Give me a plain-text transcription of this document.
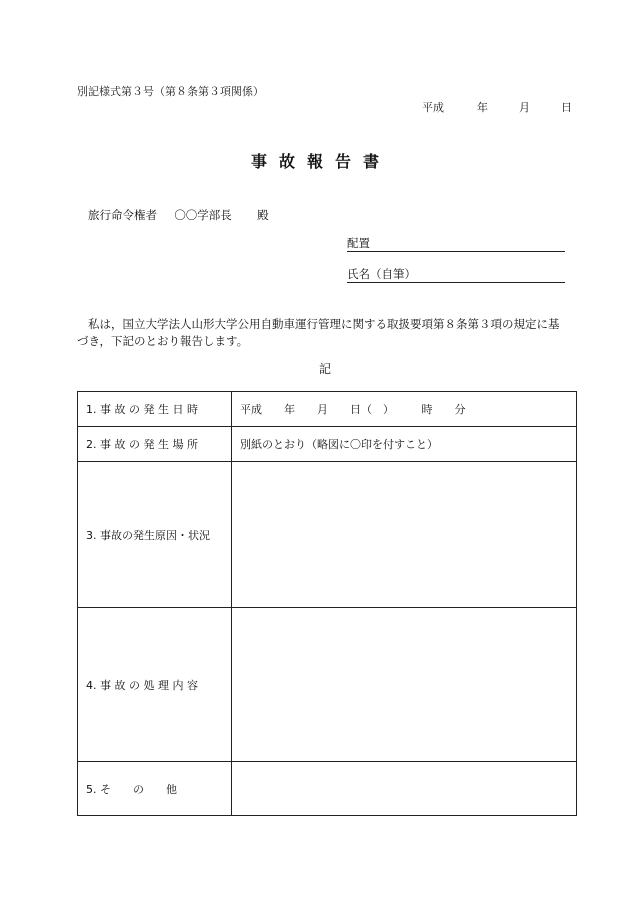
別記様式第３号（第８条第３項関係）
平成	年	月	日
事故報告書
旅行命令権者 〇〇学部長 殿
配置
氏名（自筆）
私は，国立大学法人山形大学公用自動車運行管理に関する取扱要項第８条第３項の規定に基づき，下記のとおり報告します。
記
1. 事 故 の 発 生 日 時	平成　　年　　月　　日（　）　　　時　　分
2. 事 故 の 発 生 場 所	別紙のとおり（略図に〇印を付すこと）
3. 事故の発生原因・状況	
4. 事 故 の 処 理 内 容	
5. そ　　の　　他	
